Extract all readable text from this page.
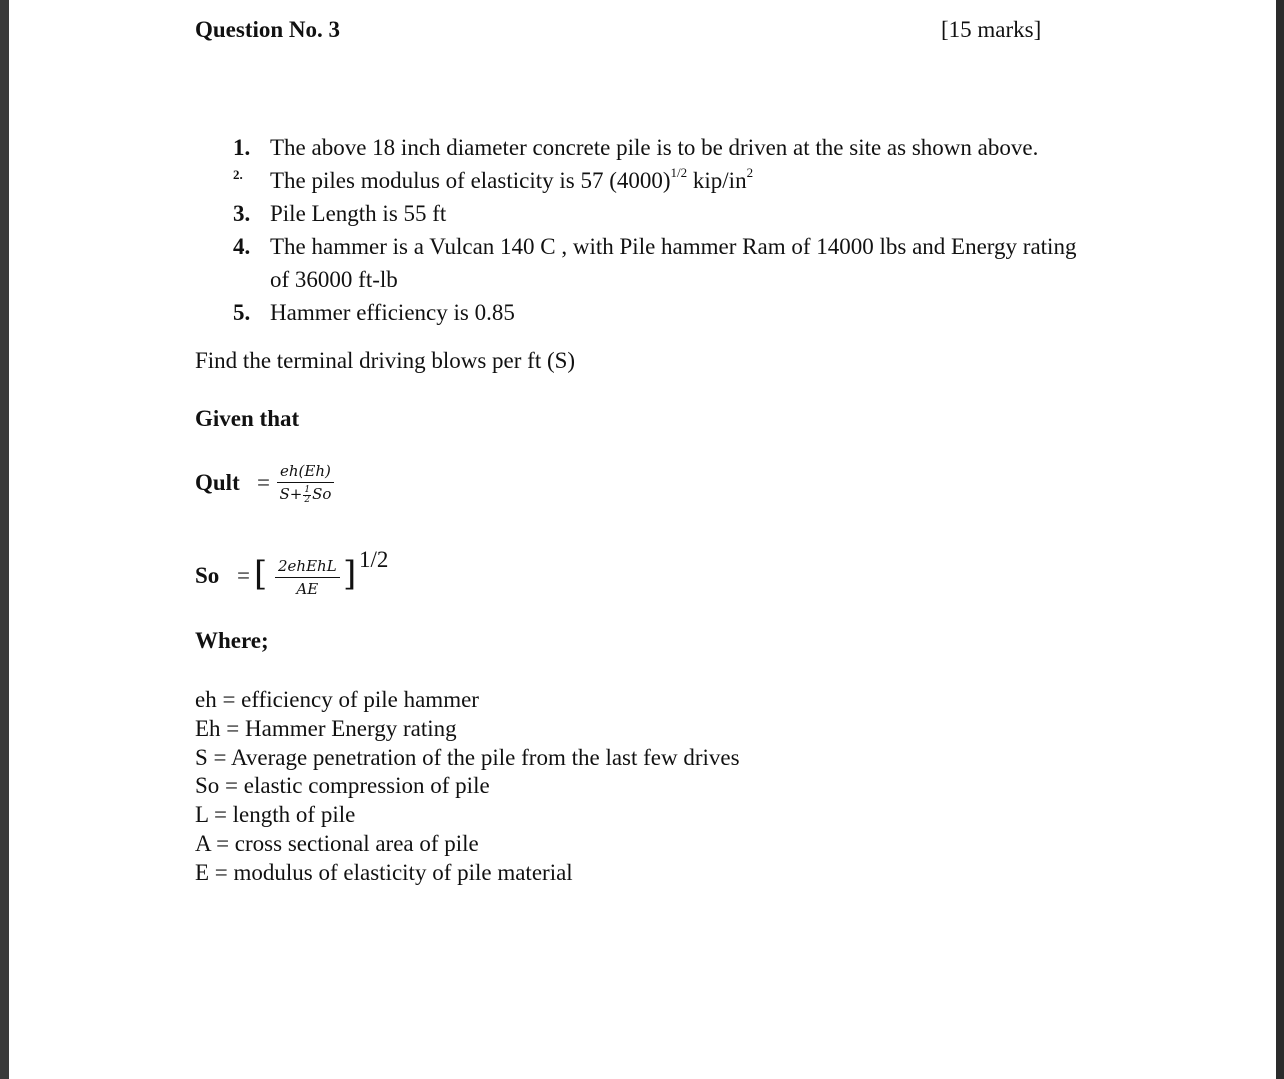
Question No. 3	[15 marks]
1. The above 18 inch diameter concrete pile is to be driven at the site as shown above.
2. The piles modulus of elasticity is 57 $(4000)^{1/2}$ kip/$in^2$
3. Pile Length is 55 ft
4. The hammer is a Vulcan 140 C , with Pile hammer Ram of 14000 lbs and Energy rating of 36000 ft-lb
5. Hammer efficiency is 0.85
Find the terminal driving blows per ft (S)
Given that
Qult = $\frac{eh(Eh)}{S+ \frac{1}{2} So}$
So = [ 2ehEhL
AE ] 1/2
Where;
eh = efficiency of pile hammer
Eh = Hammer Energy rating
S = Average penetration of the pile from the last few drives
So = elastic compression of pile
L = length of pile
A = cross sectional area of pile
E = modulus of elasticity of pile material
